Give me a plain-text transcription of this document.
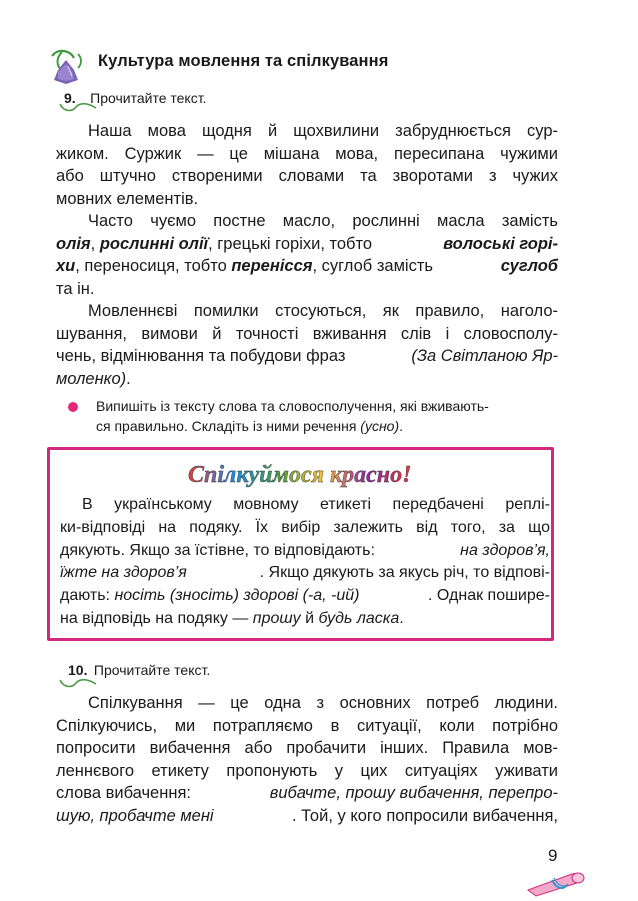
Культура мовлення та спілкування
9. Прочитайте текст.
Наша мова щодня й щохвилини забруднюється сур-
жиком. Суржик — це мішана мова, пересипана чужими
або штучно створеними словами та зворотами з чужих
мовних елементів.
Часто чуємо постне масло, рослинні масла замість
олія, рослинні олії, грецькі горіхи, тобто	волоські горі-
хи, переносиця, тобто перенісся, суглоб замість	суглоб
та ін.
Мовленнєві помилки стосуються, як правило, наголо-
шування, вимови й точності вживання слів і словосполу-
чень, відмінювання та побудови фраз	(За Світланою Яр-
моленко).
Випишіть із тексту слова та словосполучення, які вживають-
ся правильно. Складіть із ними речення (усно).
Спілкуймося красно!
В українському мовному етикеті передбачені реплі-
ки-відповіді на подяку. Їх вибір залежить від того, за що
дякують. Якщо за їстівне, то відповідають:	на здоров’я,
їжте на здоров’я	. Якщо дякують за якусь річ, то відпові-
дають: носіть (зносіть) здорові (-а, -ий)	. Однак поширe-
на відповідь на подяку — прошу й будь ласка.
10. Прочитайте текст.
Спілкування — це одна з основних потреб людини.
Спілкуючись, ми потрапляємо в ситуації, коли потрібно
попросити вибачення або пробачити інших. Правила мов-
леннєвого етикету пропонують у цих ситуаціях уживати
слова вибачення:	вибачте, прошу вибачення, перепро-
шую, пробачте мені	. Той, у кого попросили вибачення,
9
